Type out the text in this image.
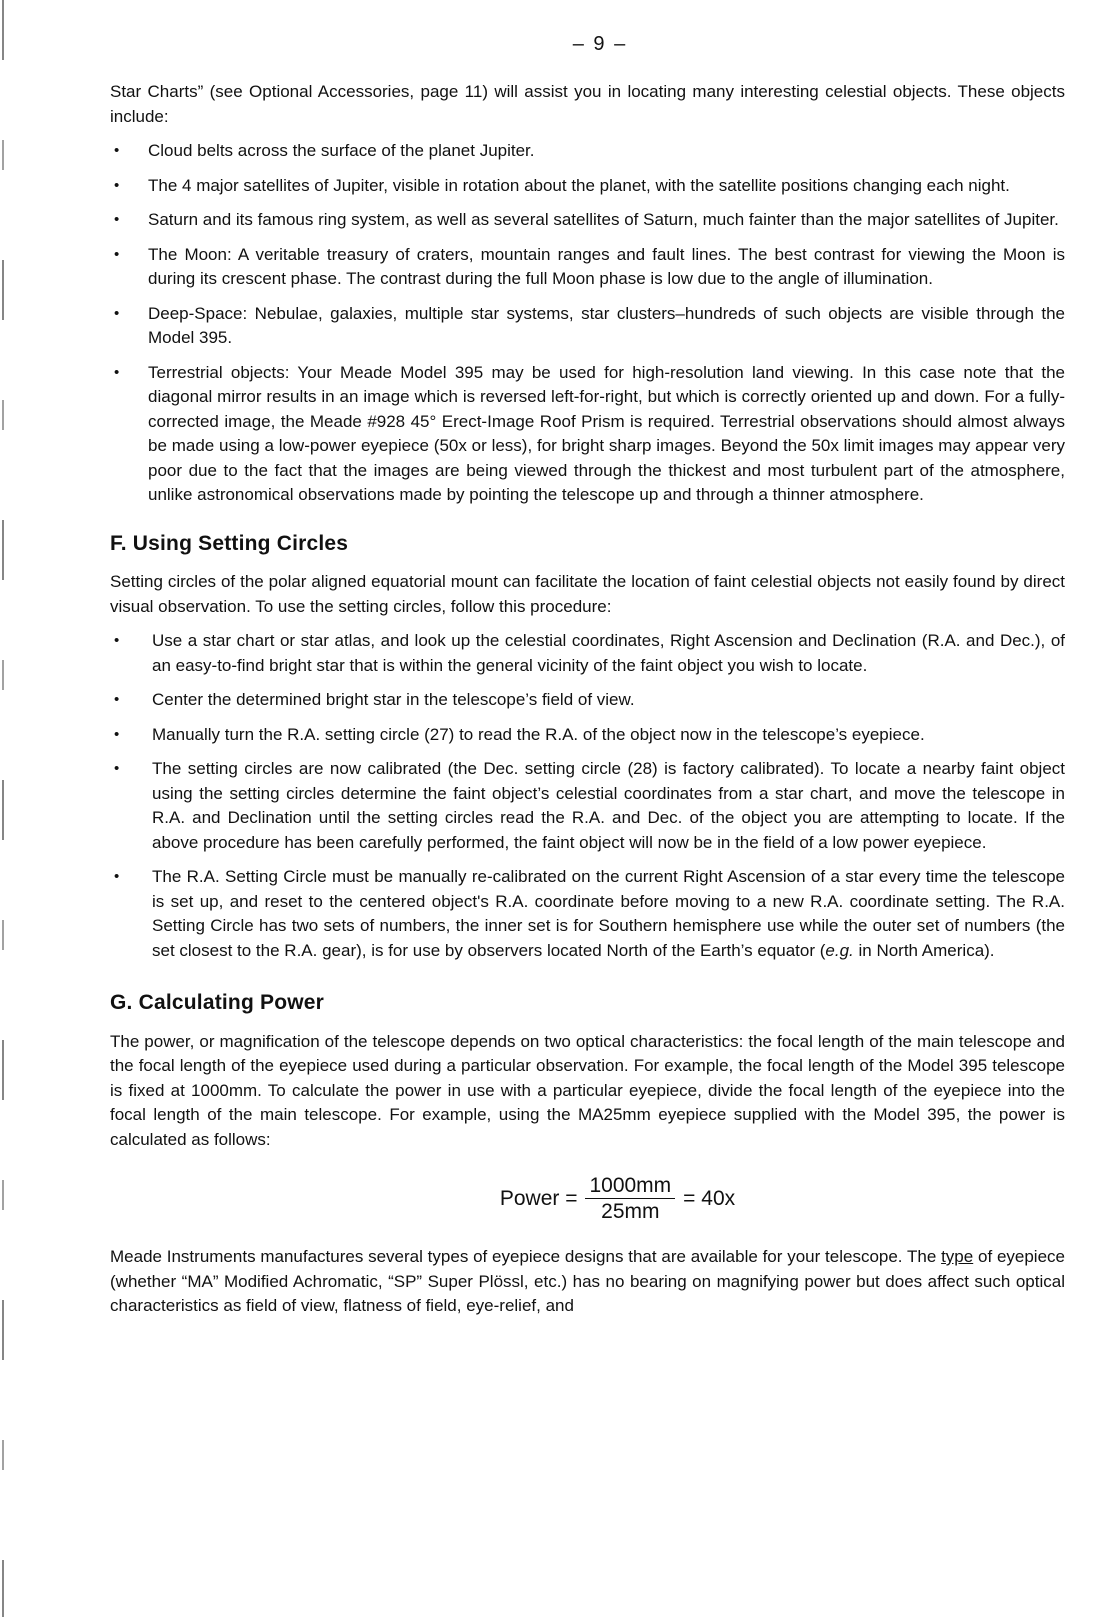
– 9 –

Star Charts” (see Optional Accessories, page 11) will assist you in locating many interesting celestial objects. These objects include:

• Cloud belts across the surface of the planet Jupiter.
• The 4 major satellites of Jupiter, visible in rotation about the planet, with the satellite positions changing each night.
• Saturn and its famous ring system, as well as several satellites of Saturn, much fainter than the major satellites of Jupiter.
• The Moon: A veritable treasury of craters, mountain ranges and fault lines. The best contrast for viewing the Moon is during its crescent phase. The contrast during the full Moon phase is low due to the angle of illumination.
• Deep-Space: Nebulae, galaxies, multiple star systems, star clusters–hundreds of such objects are visible through the Model 395.
• Terrestrial objects: Your Meade Model 395 may be used for high-resolution land viewing. In this case note that the diagonal mirror results in an image which is reversed left-for-right, but which is correctly oriented up and down. For a fully-corrected image, the Meade #928 45° Erect-Image Roof Prism is required. Terrestrial observations should almost always be made using a low-power eyepiece (50x or less), for bright sharp images. Beyond the 50x limit images may appear very poor due to the fact that the images are being viewed through the thickest and most turbulent part of the atmosphere, unlike astronomical observations made by pointing the telescope up and through a thinner atmosphere.
F. Using Setting Circles

Setting circles of the polar aligned equatorial mount can facilitate the location of faint celestial objects not easily found by direct visual observation. To use the setting circles, follow this procedure:

• Use a star chart or star atlas, and look up the celestial coordinates, Right Ascension and Declination (R.A. and Dec.), of an easy-to-find bright star that is within the general vicinity of the faint object you wish to locate.
• Center the determined bright star in the telescope’s field of view.
• Manually turn the R.A. setting circle (27) to read the R.A. of the object now in the telescope’s eyepiece.
• The setting circles are now calibrated (the Dec. setting circle (28) is factory calibrated). To locate a nearby faint object using the setting circles determine the faint object’s celestial coordinates from a star chart, and move the telescope in R.A. and Declination until the setting circles read the R.A. and Dec. of the object you are attempting to locate. If the above procedure has been carefully performed, the faint object will now be in the field of a low power eyepiece.
• The R.A. Setting Circle must be manually re-calibrated on the current Right Ascension of a star every time the telescope is set up, and reset to the centered object's R.A. coordinate before moving to a new R.A. coordinate setting. The R.A. Setting Circle has two sets of numbers, the inner set is for Southern hemisphere use while the outer set of numbers (the set closest to the R.A. gear), is for use by observers located North of the Earth’s equator (e.g. in North America).
G. Calculating Power

The power, or magnification of the telescope depends on two optical characteristics: the focal length of the main telescope and the focal length of the eyepiece used during a particular observation. For example, the focal length of the Model 395 telescope is fixed at 1000mm. To calculate the power in use with a particular eyepiece, divide the focal length of the eyepiece into the focal length of the main telescope. For example, using the MA25mm eyepiece supplied with the Model 395, the power is calculated as follows:

Power = $\frac{1000mm}{25mm} = 40x$

Meade Instruments manufactures several types of eyepiece designs that are available for your telescope. The type of eyepiece (whether “MA” Modified Achromatic, “SP” Super Plössl, etc.) has no bearing on magnifying power but does affect such optical characteristics as field of view, flatness of field, eye-relief, and
